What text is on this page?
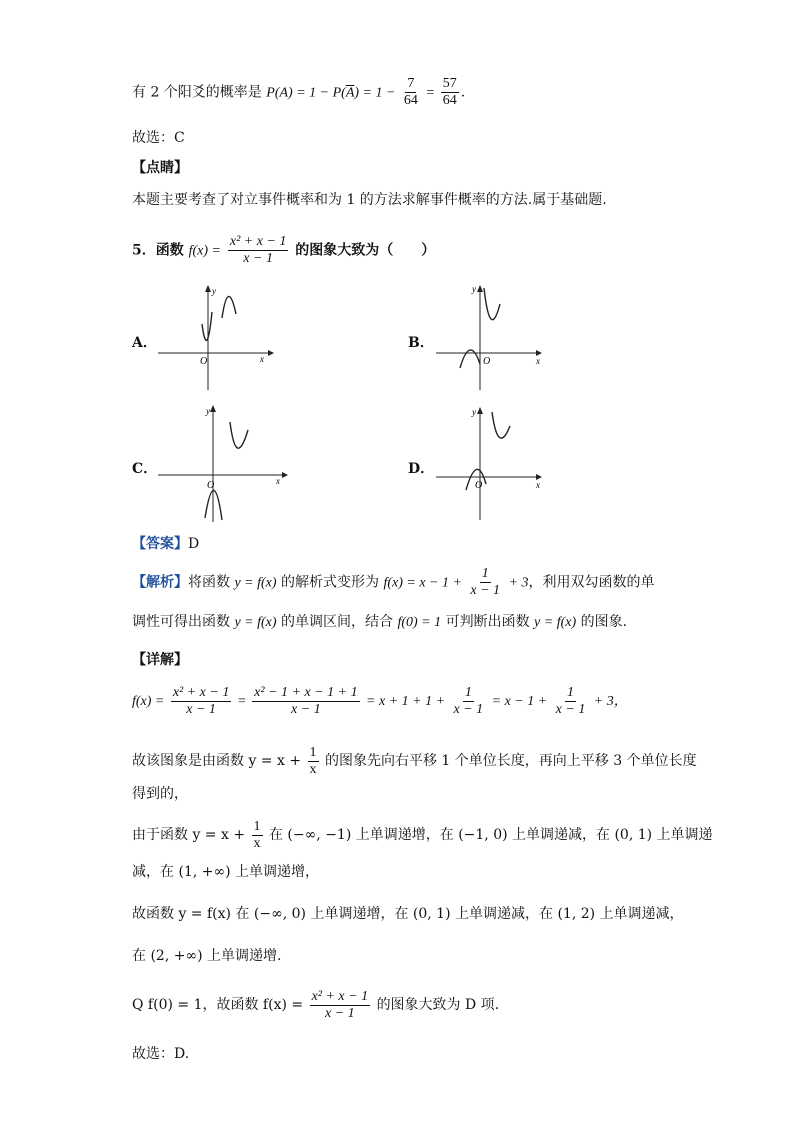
有 2 个阳爻的概率是 $P(A) = 1 - P(\overline{A}) = 1 - \frac{7}{64} = \frac{57}{64}$ .
故选：C
【点睛】
本题主要考查了对立事件概率和为 1 的方法求解事件概率的方法.属于基础题.
5．函数 $f(x) = \frac{\text{x² + x − 1}}{x - 1}$ 的图象大致为（　　）
A．
x
y
O
B．
x
y
O
C．
x
y
O
D．
x
y
O
【答案】D
【解析】将函数 y = f(x) 的解析式变形为 $f(x) = x - 1 + \frac{1}{x - 1} + 3$，利用双勾函数的单
调性可得出函数 y = f(x) 的单调区间，结合 f(0) = 1 可判断出函数 y = f(x) 的图象.
【详解】
$f(x) = \frac{\text{x² + x − 1}}{x - 1} = \frac{\text{x² − 1 + x − 1 + 1}}{x - 1} = x + 1 + 1 + \frac{1}{x - 1} = x - 1 + \frac{1}{x - 1} + 3$，
故该图象是由函数 $y = x + \frac{1}{x}$ 的图象先向右平移 1 个单位长度，再向上平移 3 个单位长度
得到的，
由于函数 $y = x + \frac{1}{x}$ 在 (−∞, −1) 上单调递增，在 (−1, 0) 上单调递减，在 (0, 1) 上单调递
减，在 (1, +∞) 上单调递增，
故函数 y = f(x) 在 (−∞, 0) 上单调递增，在 (0, 1) 上单调递减，在 (1, 2) 上单调递减，
在 (2, +∞) 上单调递增.
Q f(0) = 1，故函数 $f(x) = \frac{\text{x² + x − 1}}{x - 1}$ 的图象大致为 D 项.
故选：D.
